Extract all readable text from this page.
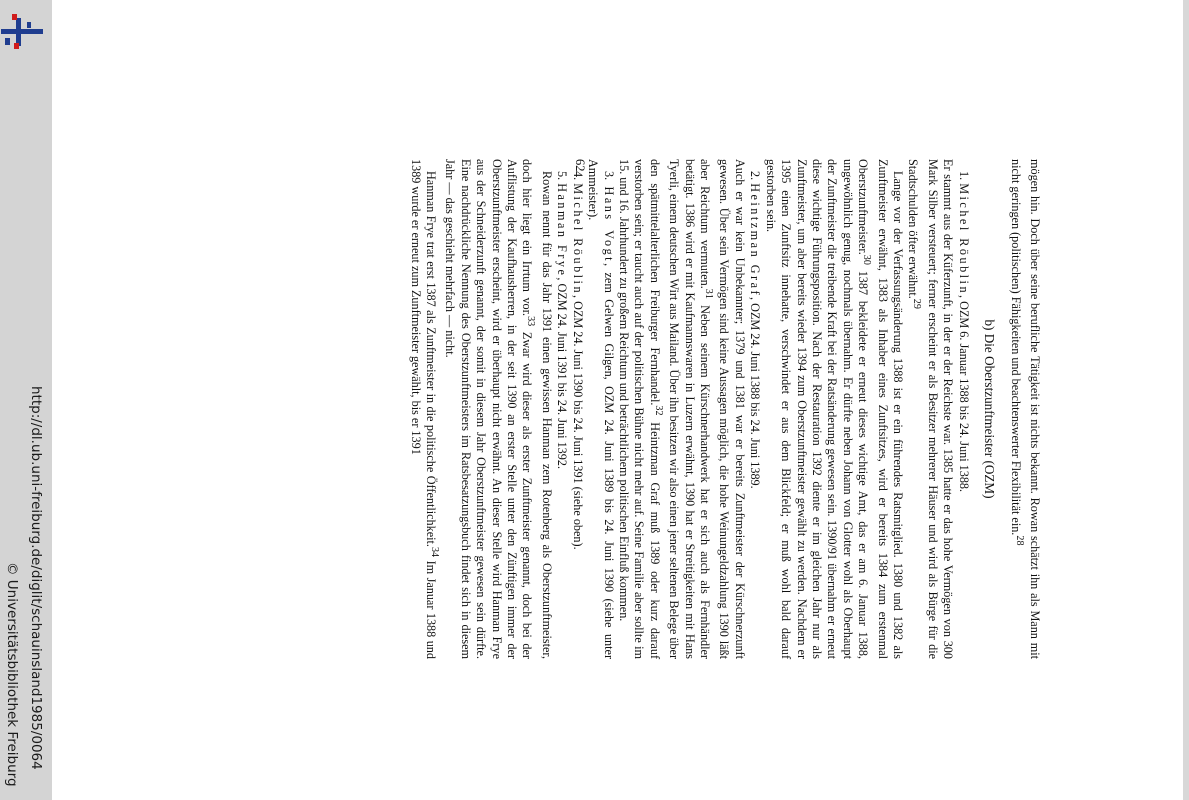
http://dl.ub.uni-freiburg.de/diglit/schauinsland1985/0064
© Universitätsbibliothek Freiburg

mögen hin. Doch über seine berufliche Tätigkeit ist nichts bekannt. Rowan schätzt ihn als Mann mit nicht geringen (politischen) Fähigkeiten und beachtenswerter Flexibilität ein.$^{28}$

b) Die Oberstzunftmeister (OZM)

1. Michel Röublin, OZM 6. Januar 1388 bis 24. Juni 1388.

Er stammt aus der Küferzunft, in der er der Reichste war. 1385 hatte er das hohe Vermögen von 300 Mark Silber versteuert; ferner erscheint er als Besitzer mehrerer Häuser und wird als Bürge für die Stadtschulden öfter erwähnt.$^{29}$

Lange vor der Verfassungsänderung 1388 ist er ein führendes Ratsmitglied. 1380 und 1382 als Zunftmeister erwähnt, 1383 als Inhaber eines Zunftsitzes, wird er bereits 1384 zum erstenmal Oberstzunftmeister.$^{30}$ 1387 bekleidete er erneut dieses wichtige Amt, das er am 6. Januar 1388, ungewöhnlich genug, nochmals übernahm. Er dürfte neben Johann von Glotter wohl als Oberhaupt der Zunftmeister die treibende Kraft bei der Ratsänderung gewesen sein. 1390/91 übernahm er erneut diese wichtige Führungsposition. Nach der Restauration 1392 diente er im gleichen Jahr nur als Zunftmeister, um aber bereits wieder 1394 zum Oberstzunftmeister gewählt zu werden. Nachdem er 1395 einen Zunftsitz innehatte, verschwindet er aus dem Blickfeld; er muß wohl bald darauf gestorben sein.

2. Heintzman Graf, OZM 24. Juni 1388 bis 24. Juni 1389.

Auch er war kein Unbekannter; 1379 und 1381 war er bereits Zunftmeister der Kürschnerzunft gewesen. Über sein Vermögen sind keine Aussagen möglich, die hohe Weinungeldzahlung 1390 läßt aber Reichtum vermuten.$^{31}$ Neben seinem Kürschnerhandwerk hat er sich auch als Fernhändler betätigt. 1386 wird er mit Kaufmannswaren in Luzern erwähnt, 1390 hat er Streitigkeiten mit Hans Tyerli, einem deutschen Wirt aus Mailand. Über ihn besitzen wir also einen jener seltenen Belege über den spätmittelalterlichen Freiburger Fernhandel.$^{32}$ Heintzman Graf muß 1389 oder kurz darauf verstorben sein; er taucht auch auf der politischen Bühne nicht mehr auf. Seine Familie aber sollte im 15. und 16. Jahrhundert zu großem Reichtum und beträchtlichem politischen Einfluß kommen.

3. Hans Vogt, zem Gelwen Gilgen, OZM 24. Juni 1389 bis 24. Juni 1390 (siehe unter Ammeister).

4. Michel Röublin, OZM 24. Juni 1390 bis 24. Juni 1391 (siehe oben).

5. Hanman Frye, OZM 24. Juni 1391 bis 24. Juni 1392.

Rowan nennt für das Jahr 1391 einen gewissen Hanman zem Rotenberg als Oberstzunftmeister, doch hier liegt ein Irrtum vor.$^{33}$ Zwar wird dieser als erster Zunftmeister genannt, doch bei der Auflistung der Kaufhausherren, in der seit 1390 an erster Stelle unter den Zünftigen immer der Oberstzunftmeister erscheint, wird er überhaupt nicht erwähnt. An dieser Stelle wird Hanman Frye aus der Schneiderzunft genannt, der somit in diesem Jahr Oberstzunftmeister gewesen sein dürfte. Eine nachdrückliche Nennung des Oberstzunftmeisters im Ratsbesatzungsbuch findet sich in diesem Jahr — das geschieht mehrfach — nicht.

Hanman Frye trat erst 1387 als Zunftmeister in die politische Öffentlichkeit.$^{34}$ Im Januar 1388 und 1389 wurde er erneut zum Zunftmeister gewählt, bis er 1391	62
